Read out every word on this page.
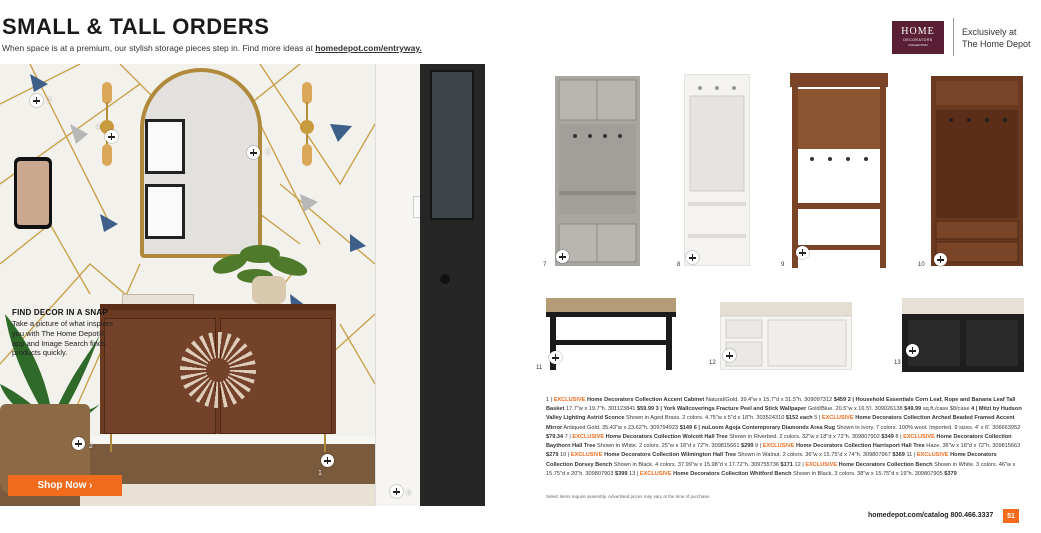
SMALL & TALL ORDERS
When space is at a premium, our stylish storage pieces step in. Find more ideas at homedepot.com/entryway.
FIND DECOR IN A SNAP
Take a picture of what inspires you with The Home Depot® app and Image Search finds products quickly.
3
4
5
2
1
6
Shop Now ›
HOME
DECORATORS
COLLECTION
Exclusively at
The Home Depot
7	8	9	10
11
12	13
1 | EXCLUSIVE Home Decorators Collection Accent Cabinet Natural/Gold. 39.4"w x 15.7"d x 31.5"h. 309097312 $459 2 | Household Essentials Corn Leaf, Rope and Banana Leaf Tall Basket 17.7"w x 19.7"h. 301123841 $59.99 3 | York Wallcoverings Fracture Peel and Stick Wallpaper Gold/Blue. 20.5"w x 16.5'l. 309026138 $49.99 sq.ft./case $8/case 4 | Mitzi by Hudson Valley Lighting Astrid Sconce Shown in Aged Brass. 2 colors. 4.75"w x 5"d x 18"h. 303524310 $152 each 5 | EXCLUSIVE Home Decorators Collection Arched Beaded Framed Accent Mirror Antiqued Gold. 35.43"w x 23.62"h. 309794923 $149 6 | nuLoom Agoja Contemporary Diamonds Area Rug Shown in Ivory. 7 colors. 100% wool. Imported. 9 sizes. 4' x 6'. 306663952 $79.34 7 | EXCLUSIVE Home Decorators Collection Wolcott Hall Tree Shown in Riverbed. 2 colors. 32"w x 18"d x 72"h. 309807902 $349 8 | EXCLUSIVE Home Decorators Collection Baythorn Hall Tree Shown in White. 2 colors. 25"w x 18"d x 72"h. 309815661 $299 9 | EXCLUSIVE Home Decorators Collection Harrisport Hall Tree Haze. 36"w x 18"d x 72"h. 309815663 $279 10 | EXCLUSIVE Home Decorators Collection Wilmington Hall Tree Shown in Walnut. 2 colors. 36"w x 15.75"d x 74"h. 309807967 $369 11 | EXCLUSIVE Home Decorators Collection Dorsey Bench Shown in Black. 4 colors. 37.99"w x 15.98"d x 17.72"h. 309755736 $171 12 | EXCLUSIVE Home Decorators Collection Bench Shown in White. 3 colors. 46"w x 15.75"d x 20"h. 309807903 $399 13 | EXCLUSIVE Home Decorators Collection Whitford Bench Shown in Black. 3 colors. 38"w x 15.75"d x 19"h. 309807905 $379
Select items require assembly. Advertised prices may vary at the time of purchase.
homedepot.com/catalog 800.466.3337	51
